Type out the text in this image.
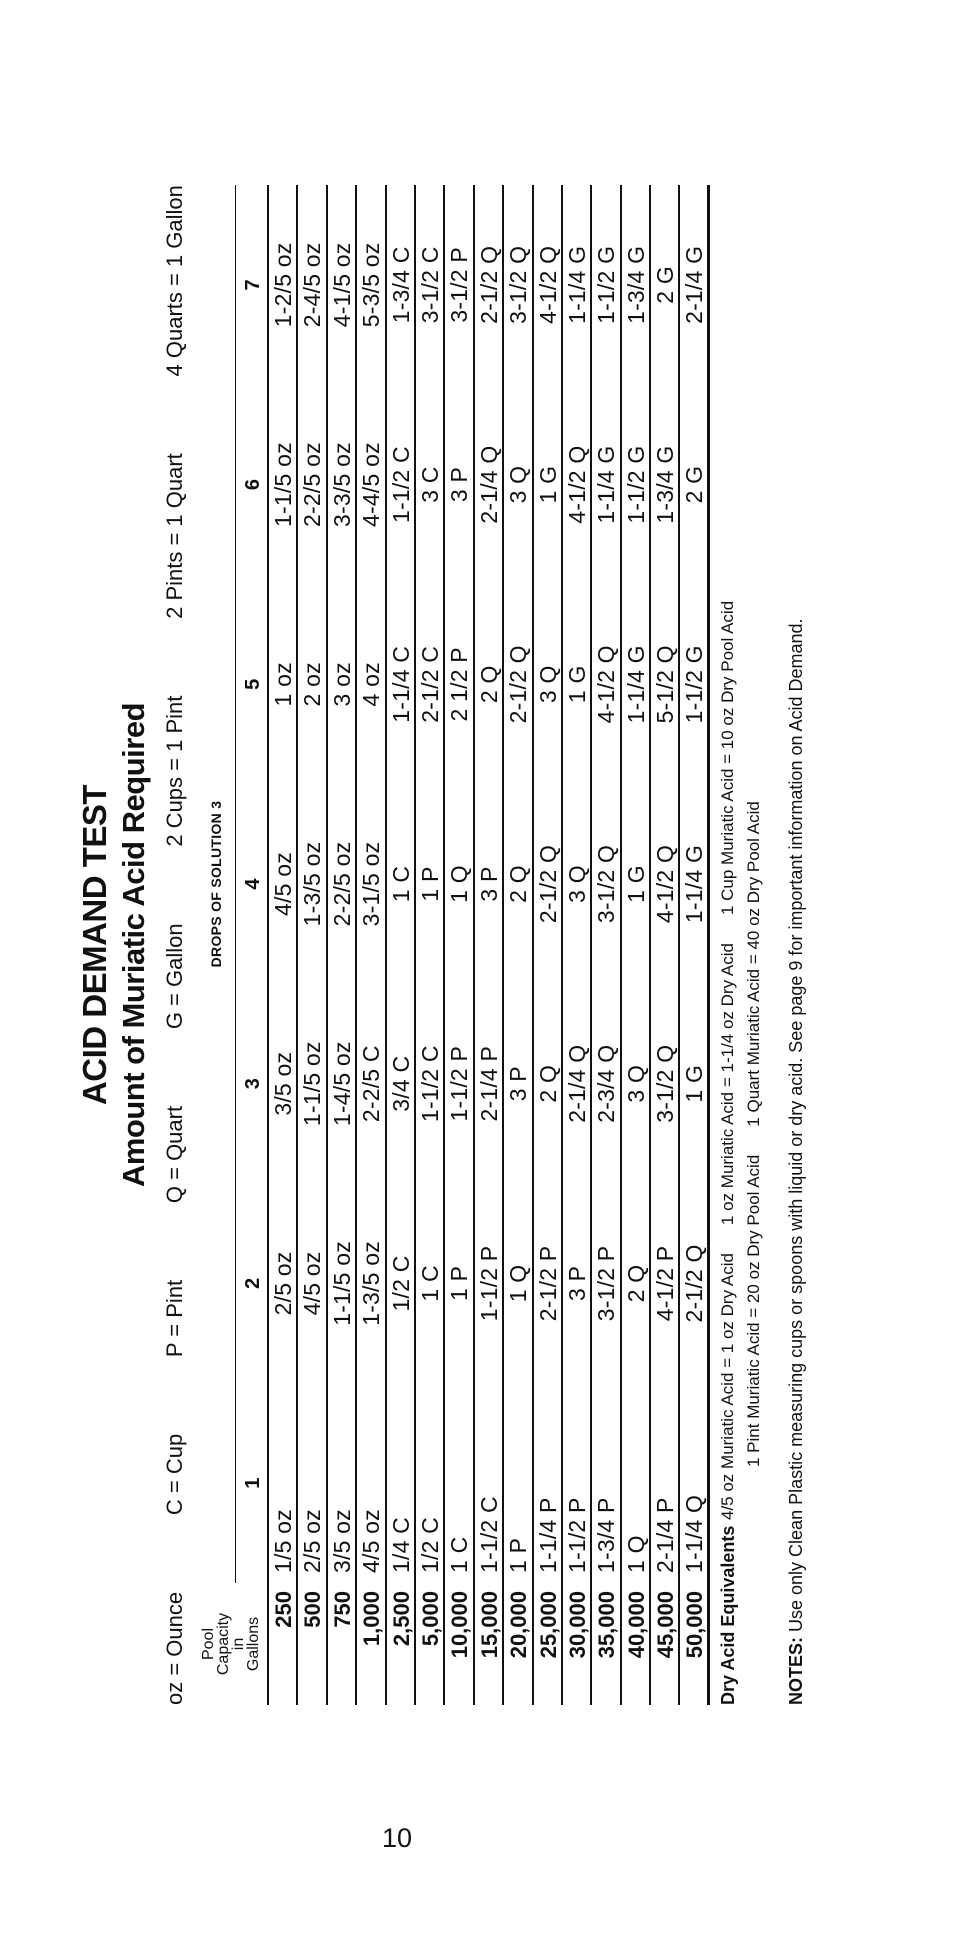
ACID DEMAND TEST Amount of Muriatic Acid Required
oz = Ounce
C = Cup
P = Pint
Q = Quart
G = Gallon
2 Cups = 1 Pint
2 Pints = 1 Quart
4 Quarts = 1 Gallon
Pool
Capacity
in
Gallons
DROPS OF SOLUTION 3
1
2
3
4
5
6
7
250
1/5 oz
2/5 oz
3/5 oz
4/5 oz
1 oz
1-1/5 oz
1-2/5 oz
500
2/5 oz
4/5 oz
1-1/5 oz
1-3/5 oz
2 oz
2-2/5 oz
2-4/5 oz
750
3/5 oz
1-1/5 oz
1-4/5 oz
2-2/5 oz
3 oz
3-3/5 oz
4-1/5 oz
1,000
4/5 oz
1-3/5 oz
2-2/5 C
3-1/5 oz
4 oz
4-4/5 oz
5-3/5 oz
2,500
1/4 C
1/2 C
3/4 C
1 C
1-1/4 C
1-1/2 C
1-3/4 C
5,000
1/2 C
1 C
1-1/2 C
1 P
2-1/2 C
3 C
3-1/2 C
10,000
1 C
1 P
1-1/2 P
1 Q
2 1/2 P
3 P
3-1/2 P
15,000
1-1/2 C
1-1/2 P
2-1/4 P
3 P
2 Q
2-1/4 Q
2-1/2 Q
20,000
1 P
1 Q
3 P
2 Q
2-1/2 Q
3 Q
3-1/2 Q
25,000
1-1/4 P
2-1/2 P
2 Q
2-1/2 Q
3 Q
1 G
4-1/2 Q
30,000
1-1/2 P
3 P
2-1/4 Q
3 Q
1 G
4-1/2 Q
1-1/4 G
35,000
1-3/4 P
3-1/2 P
2-3/4 Q
3-1/2 Q
4-1/2 Q
1-1/4 G
1-1/2 G
40,000
1 Q
2 Q
3 Q
1 G
1-1/4 G
1-1/2 G
1-3/4 G
45,000
2-1/4 P
4-1/2 P
3-1/2 Q
4-1/2 Q
5-1/2 Q
1-3/4 G
2 G
50,000
1-1/4 Q
2-1/2 Q
1 G
1-1/4 G
1-1/2 G
2 G
2-1/4 G
Dry Acid Equivalents
4/5 oz Muriatic Acid = 1 oz Dry Acid
1 oz Muriatic Acid = 1-1/4 oz Dry Acid
1 Cup Muriatic Acid = 10 oz Dry Pool Acid
1 Pint Muriatic Acid = 20 oz Dry Pool Acid
1 Quart Muriatic Acid = 40 oz Dry Pool Acid
NOTES: Use only Clean Plastic measuring cups or spoons with liquid or dry acid. See page 9 for important information on Acid Demand.
10
